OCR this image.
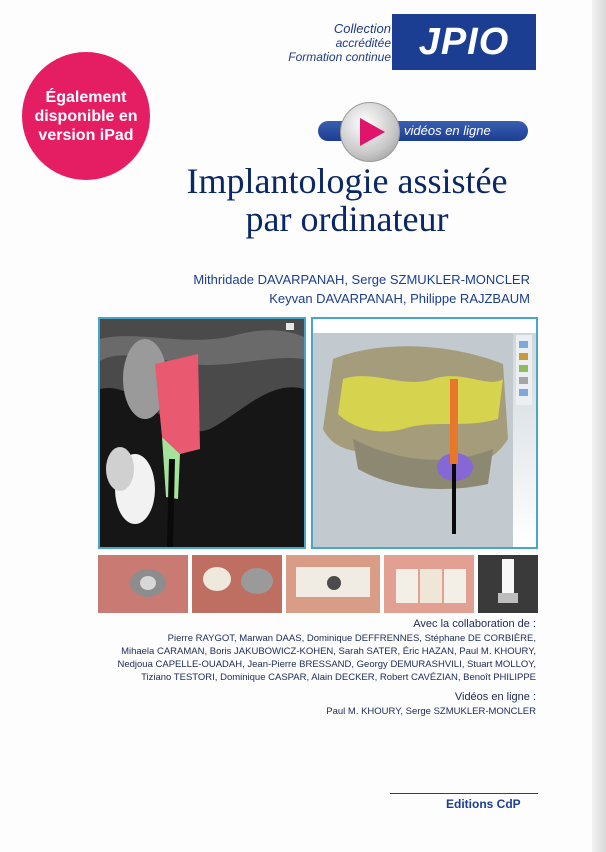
Collection
accréditée
Formation continue JPIO
Également
disponible en
version iPad	vidéos en ligne
Implantologie assistée
par ordinateur
Mithridade DAVARPANAH, Serge SZMUKLER-MONCLER
Keyvan DAVARPANAH, Philippe RAJZBAUM
Avec la collaboration de :
Pierre RAYGOT, Marwan DAAS, Dominique DEFFRENNES, Stéphane DE CORBIÈRE,
Mihaela CARAMAN, Boris JAKUBOWICZ-KOHEN, Sarah SATER, Éric HAZAN, Paul M. KHOURY,
Nedjoua CAPELLE-OUADAH, Jean-Pierre BRESSAND, Georgy DEMURASHVILI, Stuart MOLLOY,
Tiziano TESTORI, Dominique CASPAR, Alain DECKER, Robert CAVÉZIAN, Benoît PHILIPPE
Vidéos en ligne :
Paul M. KHOURY, Serge SZMUKLER-MONCLER
Editions CdP
